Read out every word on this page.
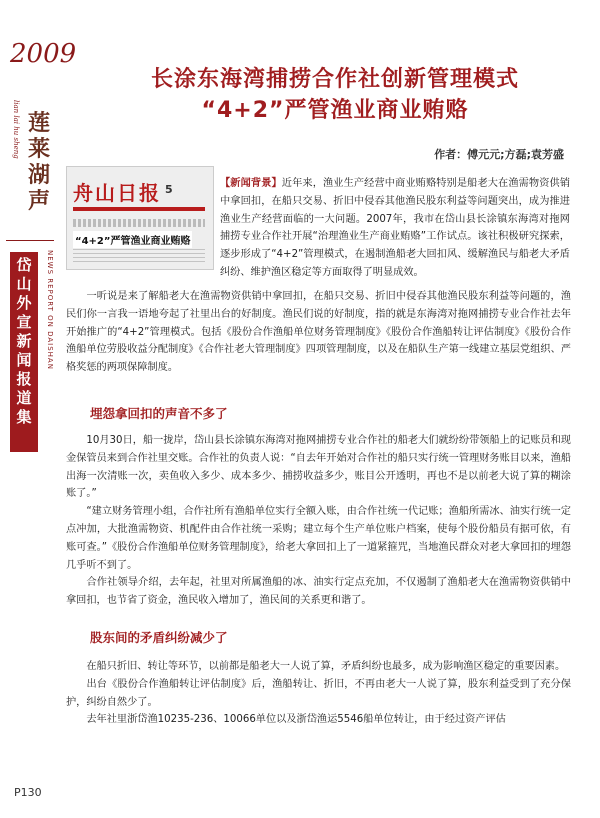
2009
lian lai hu sheng 莲
莱
湖
声
岱
山
外
宣
新
闻
报
道
集
NEWS REPORT ON DAISHAN
长涂东海湾捕捞合作社创新管理模式
“4+2”严管渔业商业贿赂
作者：傅元元;方磊;袁芳盛
舟山日报 5
“4+2”严管渔业商业贿赂

【新闻背景】近年来，渔业生产经营中商业贿赂特别是船老大在渔需物资供销中拿回扣，在船只交易、折旧中侵吞其他渔民股东利益等问题突出，成为推进渔业生产经营面临的一大问题。2007年，我市在岱山县长涂镇东海湾对拖网捕捞专业合作社开展“治理渔业生产商业贿赂”工作试点。该社积极研究探索，逐步形成了“4+2”管理模式，在遏制渔船老大回扣风、缓解渔民与船老大矛盾纠纷、维护渔区稳定等方面取得了明显成效。

  一听说是来了解船老大在渔需物资供销中拿回扣，在船只交易、折旧中侵吞其他渔民股东利益等问题的，渔民们你一言我一语地夸起了社里出台的好制度。渔民们说的好制度，指的就是东海湾对拖网捕捞专业合作社去年开始推广的“4+2”管理模式。包括《股份合作渔船单位财务管理制度》《股份合作渔船转让评估制度》《股份合作渔船单位劳股收益分配制度》《合作社老大管理制度》四项管理制度，以及在船队生产第一线建立基层党组织、严格奖惩的两项保障制度。

埋怨拿回扣的声音不多了
  10月30日，船一拢岸，岱山县长涂镇东海湾对拖网捕捞专业合作社的船老大们就纷纷带领船上的记账员和现金保管员来到合作社里交账。合作社的负责人说：“自去年开始对合作社的船只实行统一管理财务账目以来，渔船出海一次清账一次，卖鱼收入多少、成本多少、捕捞收益多少，账目公开透明，再也不是以前老大说了算的糊涂账了。”
  “建立财务管理小组，合作社所有渔船单位实行全额入账，由合作社统一代记账；渔船所需冰、油实行统一定点冲加，大批渔需物资、机配件由合作社统一采购；建立每个生产单位账户档案，使每个股份船员有据可依，有账可查。”《股份合作渔船单位财务管理制度》，给老大拿回扣上了一道紧箍咒，当地渔民群众对老大拿回扣的埋怨几乎听不到了。
  合作社领导介绍，去年起，社里对所属渔船的冰、油实行定点充加，不仅遏制了渔船老大在渔需物资供销中拿回扣，也节省了资金，渔民收入增加了，渔民间的关系更和谐了。
股东间的矛盾纠纷减少了
  在船只折旧、转让等环节，以前都是船老大一人说了算，矛盾纠纷也最多，成为影响渔区稳定的重要因素。
  出台《股份合作渔船转让评估制度》后，渔船转让、折旧，不再由老大一人说了算，股东利益受到了充分保护，纠纷自然少了。
  去年社里浙岱渔10235-236、10066单位以及浙岱渔运5546船单位转让，由于经过资产评估
P130
